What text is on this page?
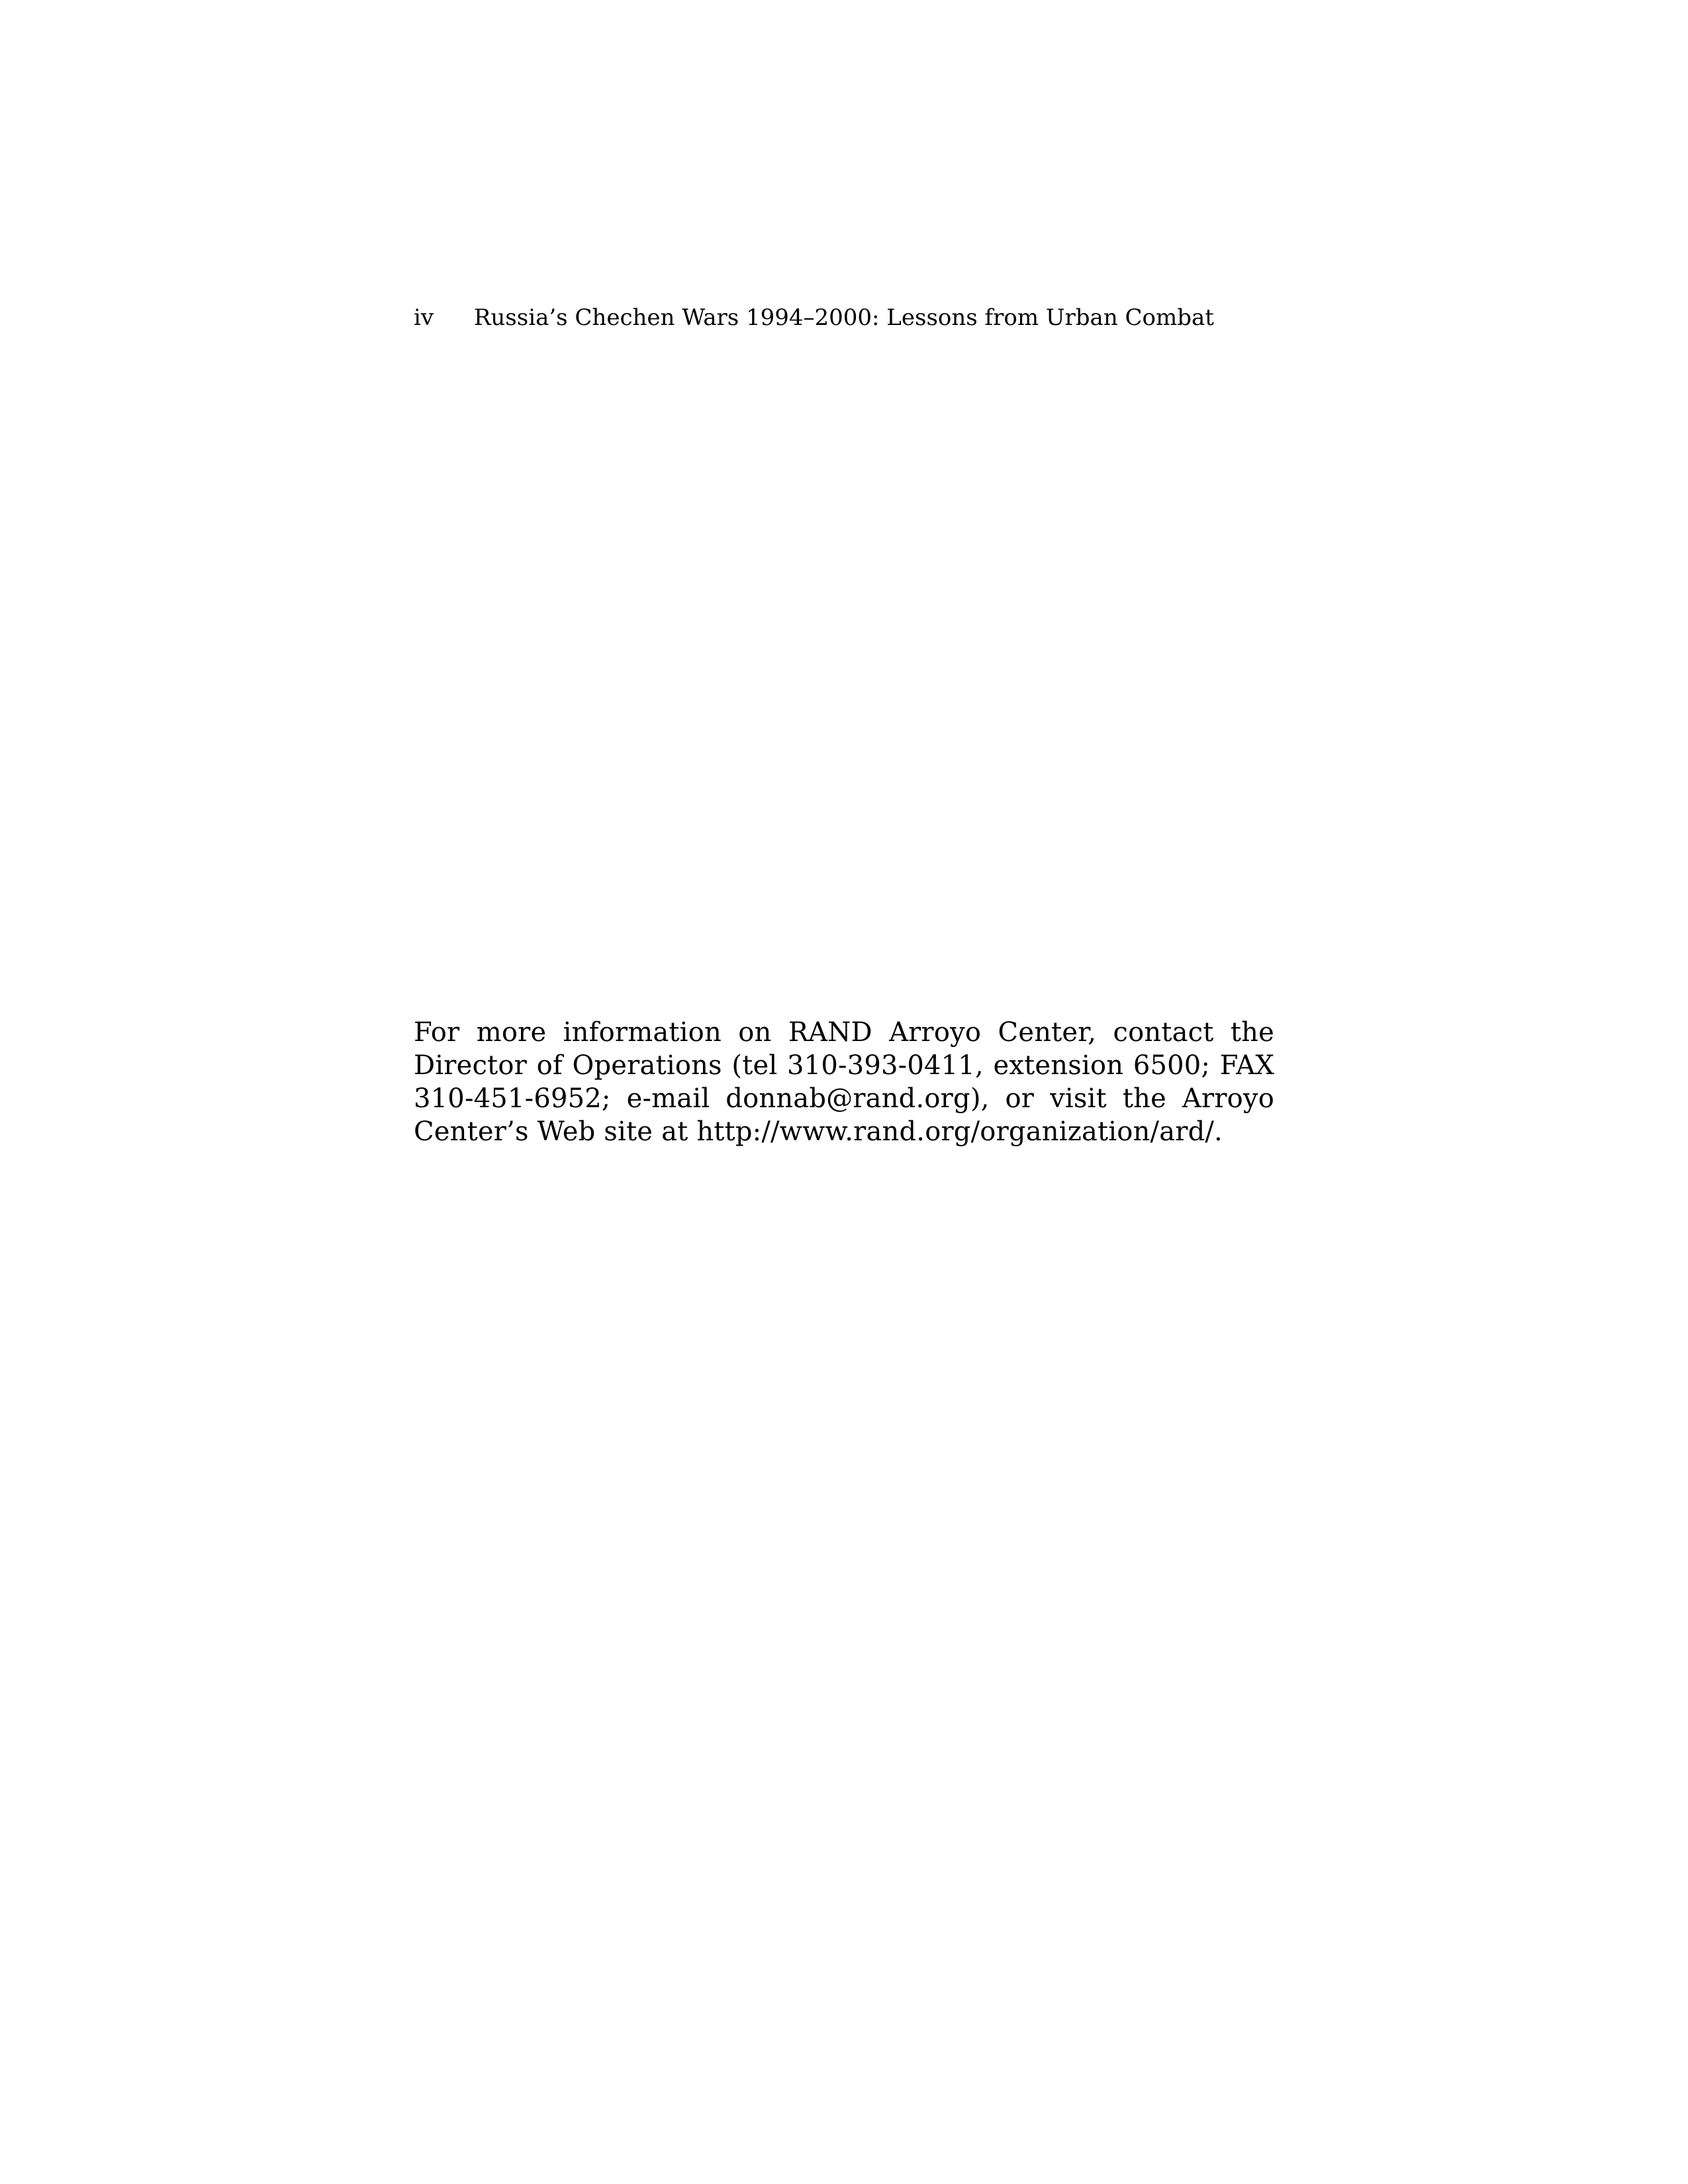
iv Russia’s Chechen Wars 1994–2000: Lessons from Urban Combat

For more information on RAND Arroyo Center, contact the Director of Operations (tel 310-393-0411, extension 6500; FAX 310-451-6952; e-mail donnab@rand.org), or visit the Arroyo Center’s Web site at http://www.rand.org/organization/ard/.
